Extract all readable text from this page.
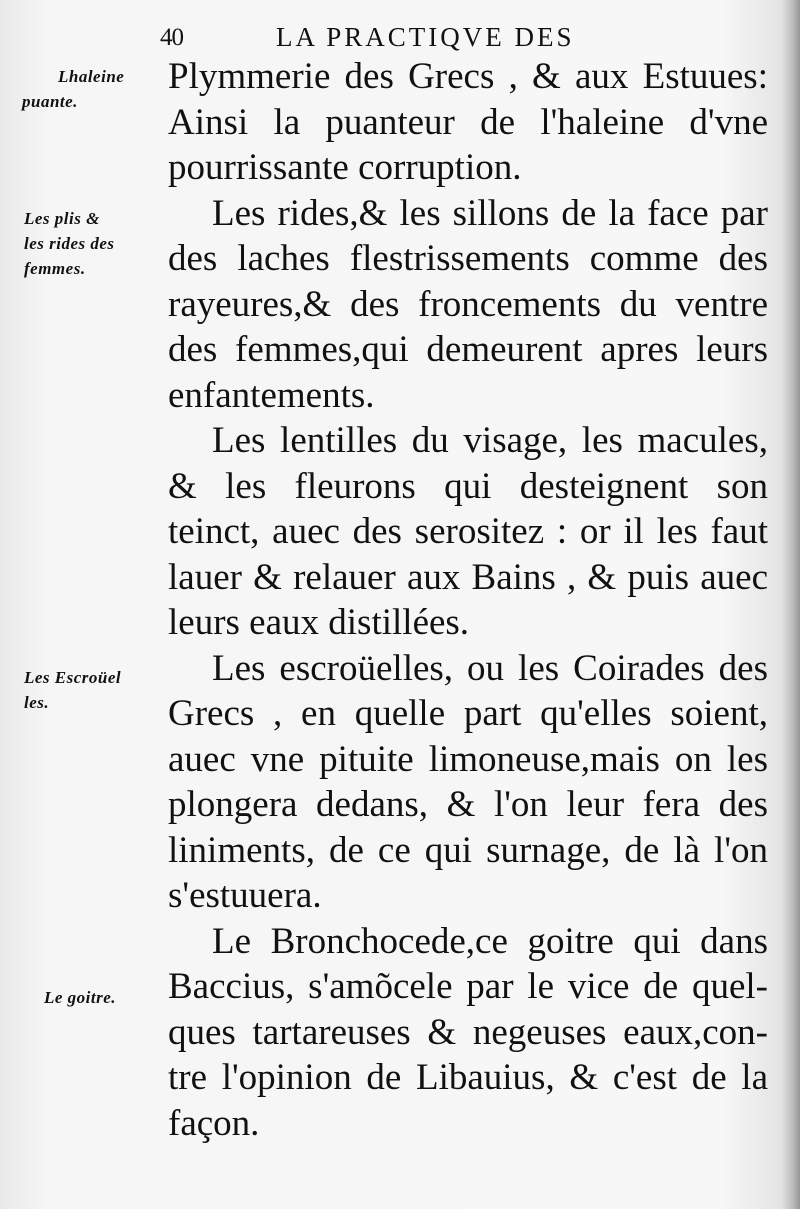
40	LA PRACTIQVE DES
Lhaleine
puante.
Les plis &
les rides des
femmes.
Les Escroüel
les.
Le goitre.
Plymmerie des Grecs , & aux Estuues:
Ainsi la puanteur de l'haleine d'vne
pourrissante corruption.
Les rides,& les sillons de la face par
des laches flestrissements comme des
rayeures,& des froncements du ventre
des femmes,qui demeurent apres leurs
enfantements.
Les lentilles du visage, les macules,
& les fleurons qui desteignent son
teinct, auec des serositez : or il les faut
lauer & relauer aux Bains , & puis auec
leurs eaux distillées.
Les escroüelles, ou les Coirades des
Grecs , en quelle part qu'elles soient,
auec vne pituite limoneuse,mais on les
plongera dedans, & l'on leur fera des
liniments, de ce qui surnage, de là l'on
s'estuuera.
Le Bronchocede,ce goitre qui dans
Baccius, s'amõcele par le vice de quel-
ques tartareuses & negeuses eaux,con-
tre l'opinion de Libauius, & c'est de la
façon.
